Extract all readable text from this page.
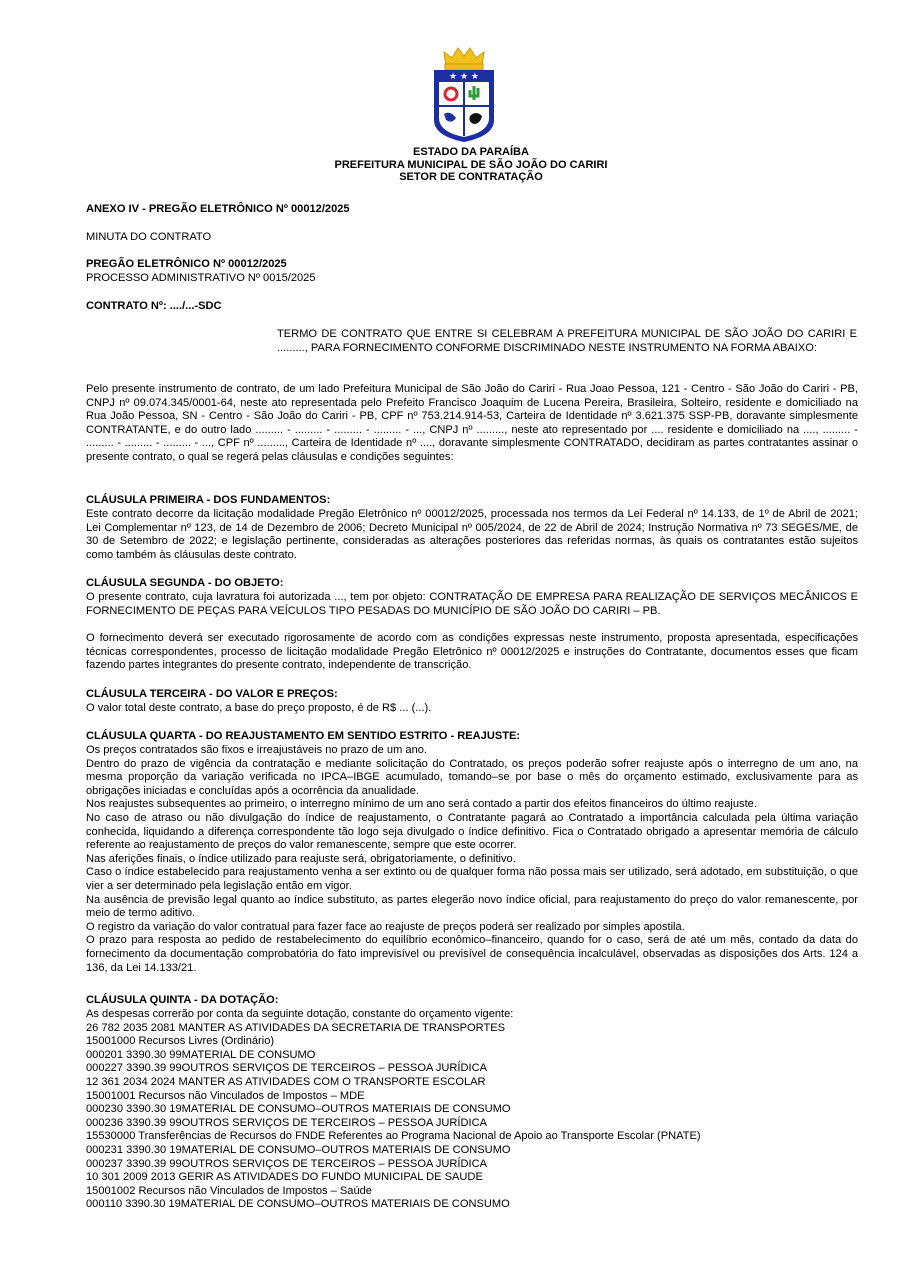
★ ★ ★
ESTADO DA PARAÍBA
PREFEITURA MUNICIPAL DE SÃO JOÃO DO CARIRI
SETOR DE CONTRATAÇÃO
ANEXO IV - PREGÃO ELETRÔNICO Nº 00012/2025
MINUTA DO CONTRATO
PREGÃO ELETRÔNICO Nº 00012/2025
PROCESSO ADMINISTRATIVO Nº 0015/2025
CONTRATO Nº: ..../...-SDC
TERMO DE CONTRATO QUE ENTRE SI CELEBRAM A PREFEITURA MUNICIPAL DE SÃO JOÃO DO CARIRI E ........., PARA FORNECIMENTO CONFORME DISCRIMINADO NESTE INSTRUMENTO NA FORMA ABAIXO:
Pelo presente instrumento de contrato, de um lado Prefeitura Municipal de São João do Cariri - Rua Joao Pessoa, 121 - Centro - São João do Cariri - PB, CNPJ nº 09.074.345/0001-64, neste ato representada pelo Prefeito Francisco Joaquim de Lucena Pereira, Brasileira, Solteiro, residente e domiciliado na Rua João Pessoa, SN - Centro - São João do Cariri - PB, CPF nº 753.214.914-53, Carteira de Identidade nº 3.621.375 SSP-PB, doravante simplesmente CONTRATANTE, e do outro lado ......... - ......... - ......... - ......... - ..., CNPJ nº ........., neste ato representado por .... residente e domiciliado na ...., ......... - ......... - ......... - ......... - ..., CPF nº ........., Carteira de Identidade nº ...., doravante simplesmente CONTRATADO, decidiram as partes contratantes assinar o presente contrato, o qual se regerá pelas cláusulas e condições seguintes:
CLÁUSULA PRIMEIRA - DOS FUNDAMENTOS:
Este contrato decorre da licitação modalidade Pregão Eletrônico nº 00012/2025, processada nos termos da Lei Federal nº 14.133, de 1º de Abril de 2021; Lei Complementar nº 123, de 14 de Dezembro de 2006; Decreto Municipal nº 005/2024, de 22 de Abril de 2024; Instrução Normativa nº 73 SEGES/ME, de 30 de Setembro de 2022; e legislação pertinente, consideradas as alterações posteriores das referidas normas, às quais os contratantes estão sujeitos como também às cláusulas deste contrato.
CLÁUSULA SEGUNDA - DO OBJETO:
O presente contrato, cuja lavratura foi autorizada ..., tem por objeto: CONTRATAÇÃO DE EMPRESA PARA REALIZAÇÃO DE SERVIÇOS MECÂNICOS E FORNECIMENTO DE PEÇAS PARA VEÍCULOS TIPO PESADAS DO MUNICÍPIO DE SÃO JOÃO DO CARIRI – PB.
O fornecimento deverá ser executado rigorosamente de acordo com as condições expressas neste instrumento, proposta apresentada, especificações técnicas correspondentes, processo de licitação modalidade Pregão Eletrônico nº 00012/2025 e instruções do Contratante, documentos esses que ficam fazendo partes integrantes do presente contrato, independente de transcrição.
CLÁUSULA TERCEIRA - DO VALOR E PREÇOS:
O valor total deste contrato, a base do preço proposto, é de R$ ... (...).
CLÁUSULA QUARTA - DO REAJUSTAMENTO EM SENTIDO ESTRITO - REAJUSTE:

Os preços contratados são fixos e irreajustáveis no prazo de um ano.

Dentro do prazo de vigência da contratação e mediante solicitação do Contratado, os preços poderão sofrer reajuste após o interregno de um ano, na mesma proporção da variação verificada no IPCA–IBGE acumulado, tomando–se por base o mês do orçamento estimado, exclusivamente para as obrigações iniciadas e concluídas após a ocorrência da anualidade.

Nos reajustes subsequentes ao primeiro, o interregno mínimo de um ano será contado a partir dos efeitos financeiros do último reajuste.

No caso de atraso ou não divulgação do índice de reajustamento, o Contratante pagará ao Contratado a importância calculada pela última variação conhecida, liquidando a diferença correspondente tão logo seja divulgado o índice definitivo. Fica o Contratado obrigado a apresentar memória de cálculo referente ao reajustamento de preços do valor remanescente, sempre que este ocorrer.

Nas aferições finais, o índice utilizado para reajuste será, obrigatoriamente, o definitivo.

Caso o índice estabelecido para reajustamento venha a ser extinto ou de qualquer forma não possa mais ser utilizado, será adotado, em substituição, o que vier a ser determinado pela legislação então em vigor.

Na ausência de previsão legal quanto ao índice substituto, as partes elegerão novo índice oficial, para reajustamento do preço do valor remanescente, por meio de termo aditivo.

O registro da variação do valor contratual para fazer face ao reajuste de preços poderá ser realizado por simples apostila.

O prazo para resposta ao pedido de restabelecimento do equilíbrio econômico–financeiro, quando for o caso, será de até um mês, contado da data do fornecimento da documentação comprobatória do fato imprevisível ou previsível de consequência incalculável, observadas as disposições dos Arts. 124 a 136, da Lei 14.133/21.

CLÁUSULA QUINTA - DA DOTAÇÃO:
As despesas correrão por conta da seguinte dotação, constante do orçamento vigente:
26 782 2035 2081 MANTER AS ATIVIDADES DA SECRETARIA DE TRANSPORTES
15001000 Recursos Livres (Ordinário)
000201 3390.30 99MATERIAL DE CONSUMO
000227 3390.39 99OUTROS SERVIÇOS DE TERCEIROS – PESSOA JURÍDICA
12 361 2034 2024 MANTER AS ATIVIDADES COM O TRANSPORTE ESCOLAR
15001001 Recursos não Vinculados de Impostos – MDE
000230 3390.30 19MATERIAL DE CONSUMO–OUTROS MATERIAIS DE CONSUMO
000236 3390.39 99OUTROS SERVIÇOS DE TERCEIROS – PESSOA JURÍDICA
15530000 Transferências de Recursos do FNDE Referentes ao Programa Nacional de Apoio ao Transporte Escolar (PNATE)
000231 3390.30 19MATERIAL DE CONSUMO–OUTROS MATERIAIS DE CONSUMO
000237 3390.39 99OUTROS SERVIÇOS DE TERCEIROS – PESSOA JURÍDICA
10 301 2009 2013 GERIR AS ATIVIDADES DO FUNDO MUNICIPAL DE SAUDE
15001002 Recursos não Vinculados de Impostos – Saúde
000110 3390.30 19MATERIAL DE CONSUMO–OUTROS MATERIAIS DE CONSUMO
